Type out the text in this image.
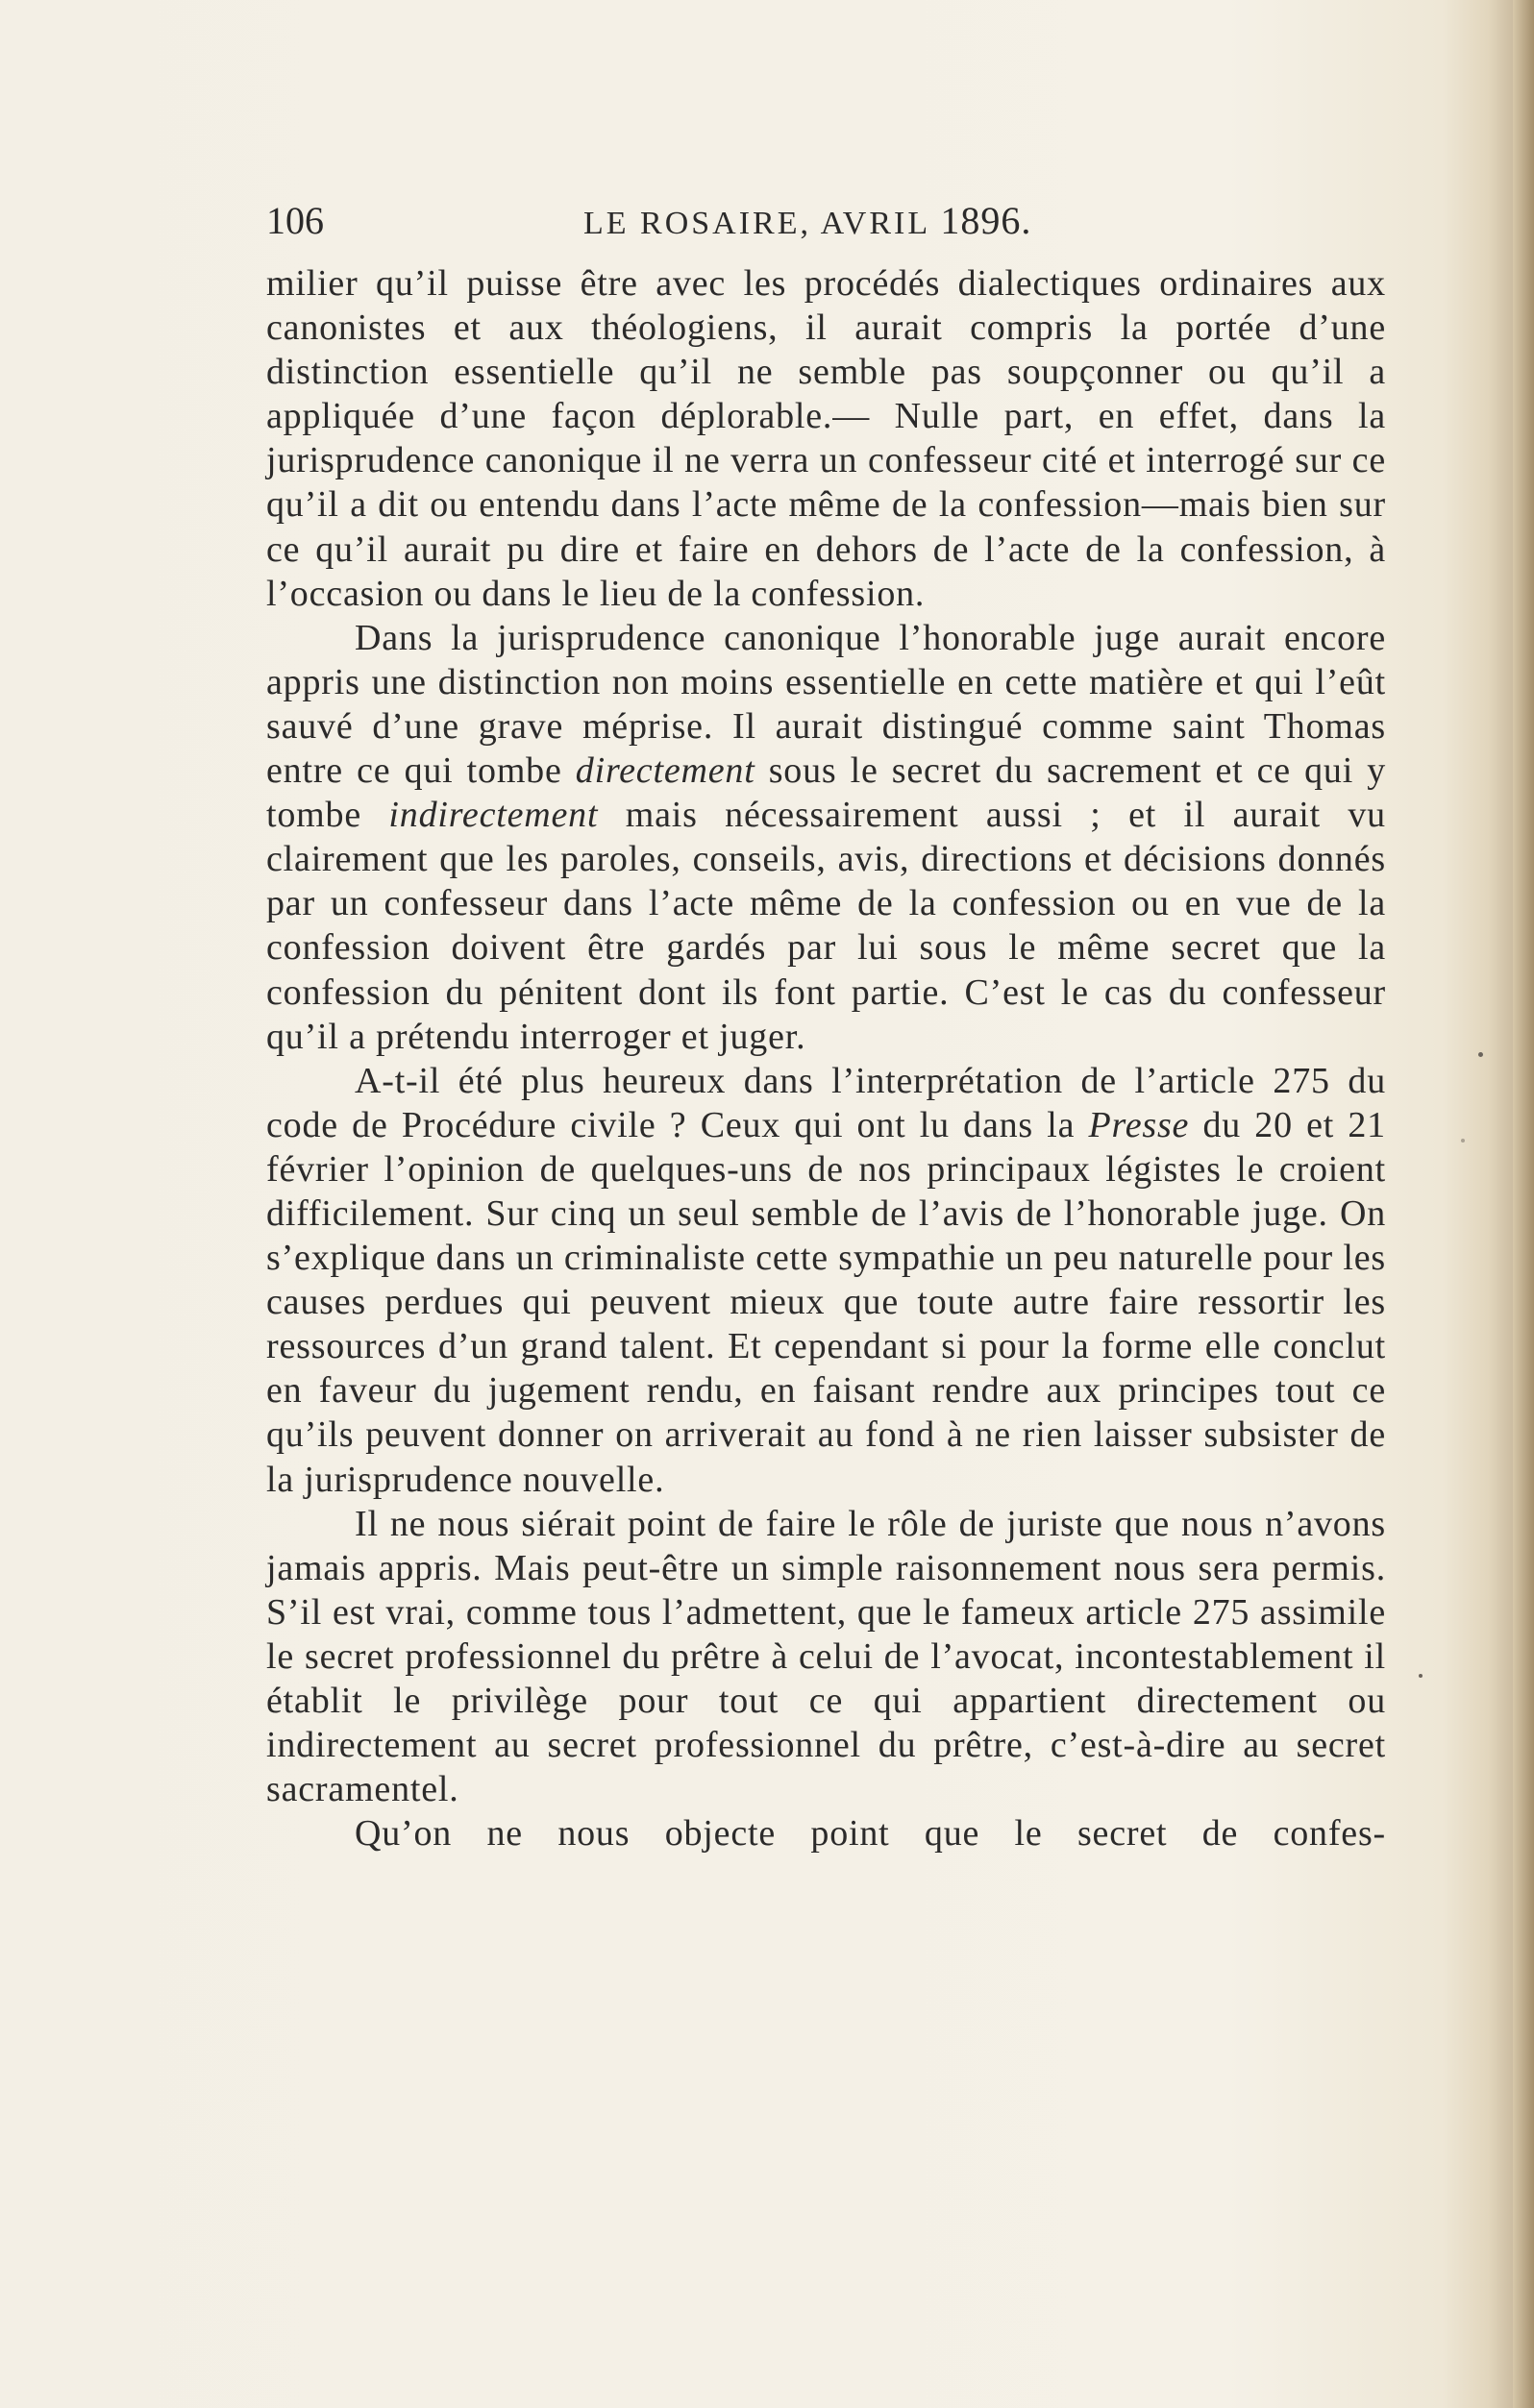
106	LE ROSAIRE, AVRIL 1896.

milier qu’il puisse être avec les procédés dialectiques ordinaires aux canonistes et aux théologiens, il aurait compris la portée d’une distinction essentielle qu’il ne semble pas soupçonner ou qu’il a appliquée d’une façon déplorable.— Nulle part, en effet, dans la jurisprudence canonique il ne verra un confesseur cité et interrogé sur ce qu’il a dit ou entendu dans l’acte même de la confession—mais bien sur ce qu’il aurait pu dire et faire en dehors de l’acte de la confession, à l’occasion ou dans le lieu de la confession.

Dans la jurisprudence canonique l’honorable juge aurait encore appris une distinction non moins essentielle en cette matière et qui l’eût sauvé d’une grave méprise. Il aurait distingué comme saint Thomas entre ce qui tombe directement sous le secret du sacrement et ce qui y tombe indirectement mais nécessairement aussi ; et il aurait vu clairement que les paroles, conseils, avis, directions et décisions donnés par un confesseur dans l’acte même de la confession ou en vue de la confession doivent être gardés par lui sous le même secret que la confession du pénitent dont ils font partie. C’est le cas du confesseur qu’il a prétendu interroger et juger.

A-t-il été plus heureux dans l’interprétation de l’article 275 du code de Procédure civile ? Ceux qui ont lu dans la Presse du 20 et 21 février l’opinion de quelques-uns de nos principaux légistes le croient difficilement. Sur cinq un seul semble de l’avis de l’honorable juge. On s’explique dans un criminaliste cette sympathie un peu naturelle pour les causes perdues qui peuvent mieux que toute autre faire ressortir les ressources d’un grand talent. Et cependant si pour la forme elle conclut en faveur du jugement rendu, en faisant rendre aux principes tout ce qu’ils peuvent donner on arriverait au fond à ne rien laisser subsister de la jurisprudence nouvelle.

Il ne nous siérait point de faire le rôle de juriste que nous n’avons jamais appris. Mais peut-être un simple raisonnement nous sera permis. S’il est vrai, comme tous l’admettent, que le fameux article 275 assimile le secret professionnel du prêtre à celui de l’avocat, incontestablement il établit le privilège pour tout ce qui appartient directement ou indirectement au secret professionnel du prêtre, c’est-à-dire au secret sacramentel.

Qu’on ne nous objecte point que le secret de confes-
